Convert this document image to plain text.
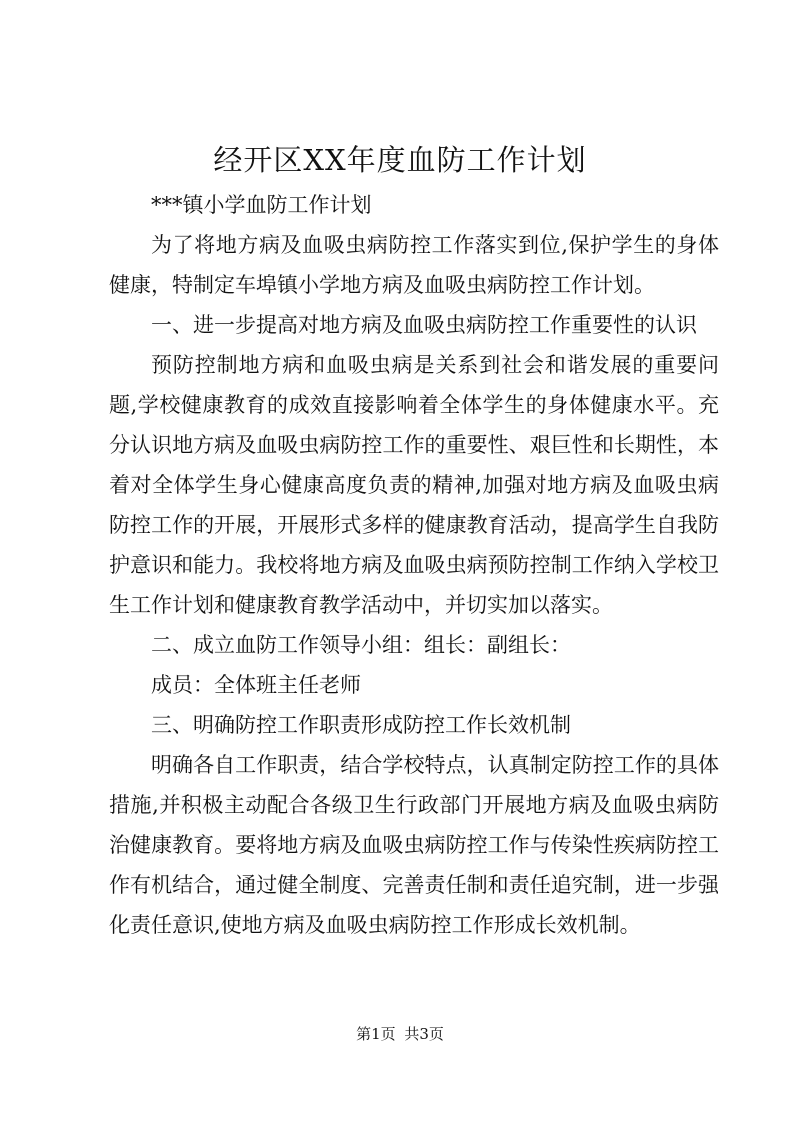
经开区XX年度血防工作计划

***镇小学血防工作计划

为了将地方病及血吸虫病防控工作落实到位,保护学生的身体健康，特制定车埠镇小学地方病及血吸虫病防控工作计划。

一、进一步提高对地方病及血吸虫病防控工作重要性的认识

预防控制地方病和血吸虫病是关系到社会和谐发展的重要问题,学校健康教育的成效直接影响着全体学生的身体健康水平。充分认识地方病及血吸虫病防控工作的重要性、艰巨性和长期性，本着对全体学生身心健康高度负责的精神,加强对地方病及血吸虫病防控工作的开展，开展形式多样的健康教育活动，提高学生自我防护意识和能力。我校将地方病及血吸虫病预防控制工作纳入学校卫生工作计划和健康教育教学活动中，并切实加以落实。

二、成立血防工作领导小组：组长：副组长：

成员：全体班主任老师

三、明确防控工作职责形成防控工作长效机制

明确各自工作职责，结合学校特点，认真制定防控工作的具体措施,并积极主动配合各级卫生行政部门开展地方病及血吸虫病防治健康教育。要将地方病及血吸虫病防控工作与传染性疾病防控工作有机结合，通过健全制度、完善责任制和责任追究制，进一步强化责任意识,使地方病及血吸虫病防控工作形成长效机制。

第1页 共3页
